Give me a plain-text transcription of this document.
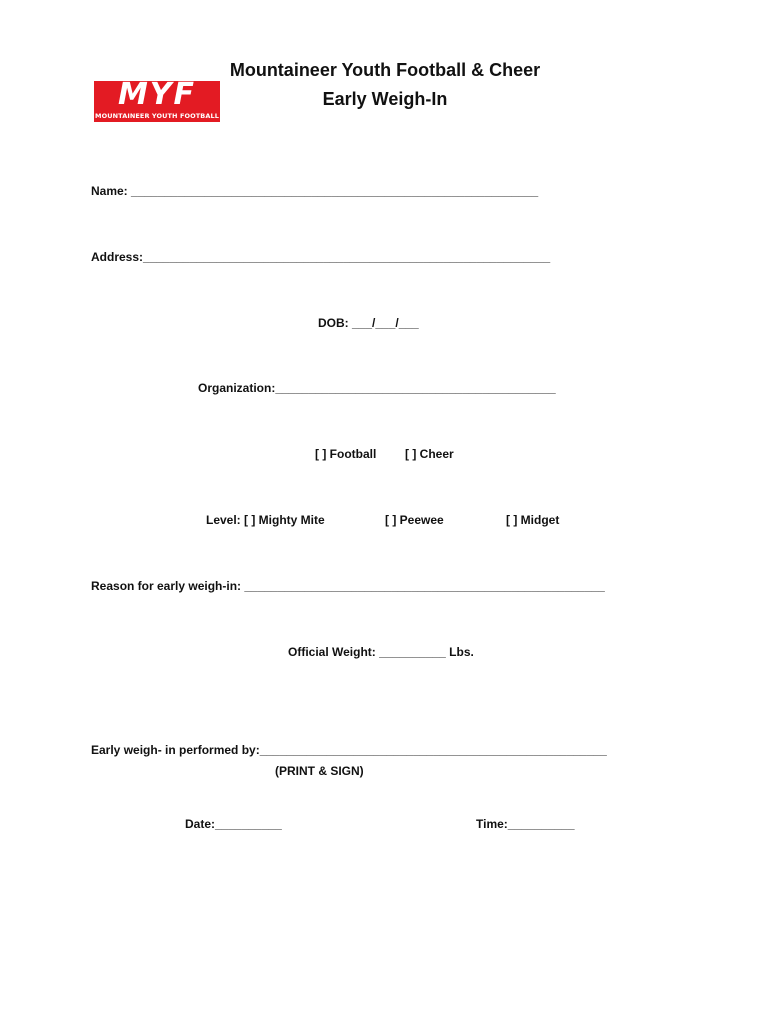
MYF
MOUNTAINEER YOUTH FOOTBALL
Mountaineer Youth Football & Cheer
Early Weigh-In
Name: _____________________________________________________________
Address:_____________________________________________________________
DOB: ___/___/___
Organization:__________________________________________
[ ] Football [ ] Cheer
Level: [ ] Mighty Mite	[ ] Peewee	[ ] Midget
Reason for early weigh-in: ______________________________________________________
Official Weight: __________ Lbs.
Early weigh- in performed by:____________________________________________________
(PRINT & SIGN)
Date:__________	Time:__________
